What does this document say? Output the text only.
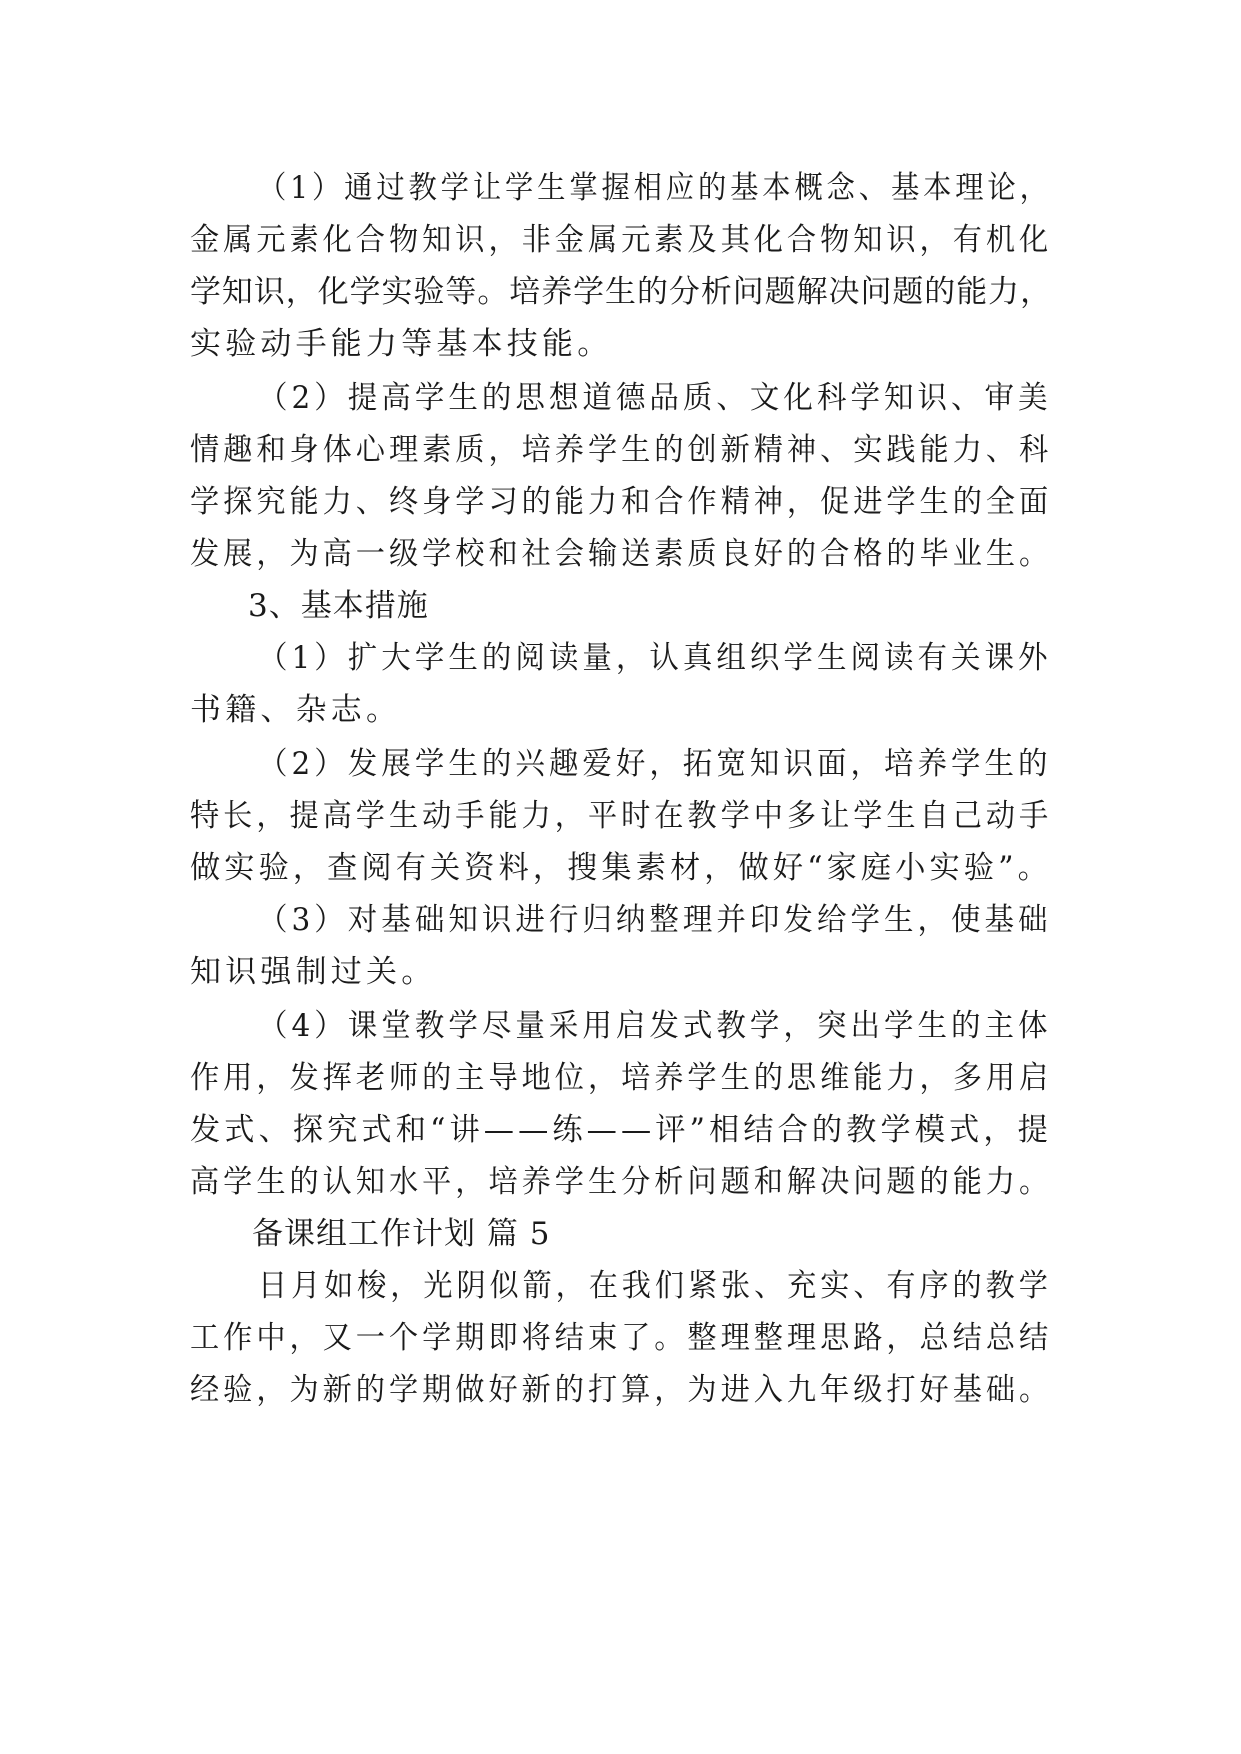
（1）通过教学让学生掌握相应的基本概念、基本理论，
金属元素化合物知识，非金属元素及其化合物知识，有机化
学知识，化学实验等。培养学生的分析问题解决问题的能力，
实验动手能力等基本技能。
（2）提高学生的思想道德品质、文化科学知识、审美
情趣和身体心理素质，培养学生的创新精神、实践能力、科
学探究能力、终身学习的能力和合作精神，促进学生的全面
发展，为高一级学校和社会输送素质良好的合格的毕业生。
3、基本措施
（1）扩大学生的阅读量，认真组织学生阅读有关课外
书籍、杂志。
（2）发展学生的兴趣爱好，拓宽知识面，培养学生的
特长，提高学生动手能力，平时在教学中多让学生自己动手
做实验，查阅有关资料，搜集素材，做好“家庭小实验”。
（3）对基础知识进行归纳整理并印发给学生，使基础
知识强制过关。
（4）课堂教学尽量采用启发式教学，突出学生的主体
作用，发挥老师的主导地位，培养学生的思维能力，多用启
发式、探究式和“讲——练——评”相结合的教学模式，提
高学生的认知水平，培养学生分析问题和解决问题的能力。
备课组工作计划 篇 5
日月如梭，光阴似箭，在我们紧张、充实、有序的教学
工作中，又一个学期即将结束了。整理整理思路，总结总结
经验，为新的学期做好新的打算，为进入九年级打好基础。
